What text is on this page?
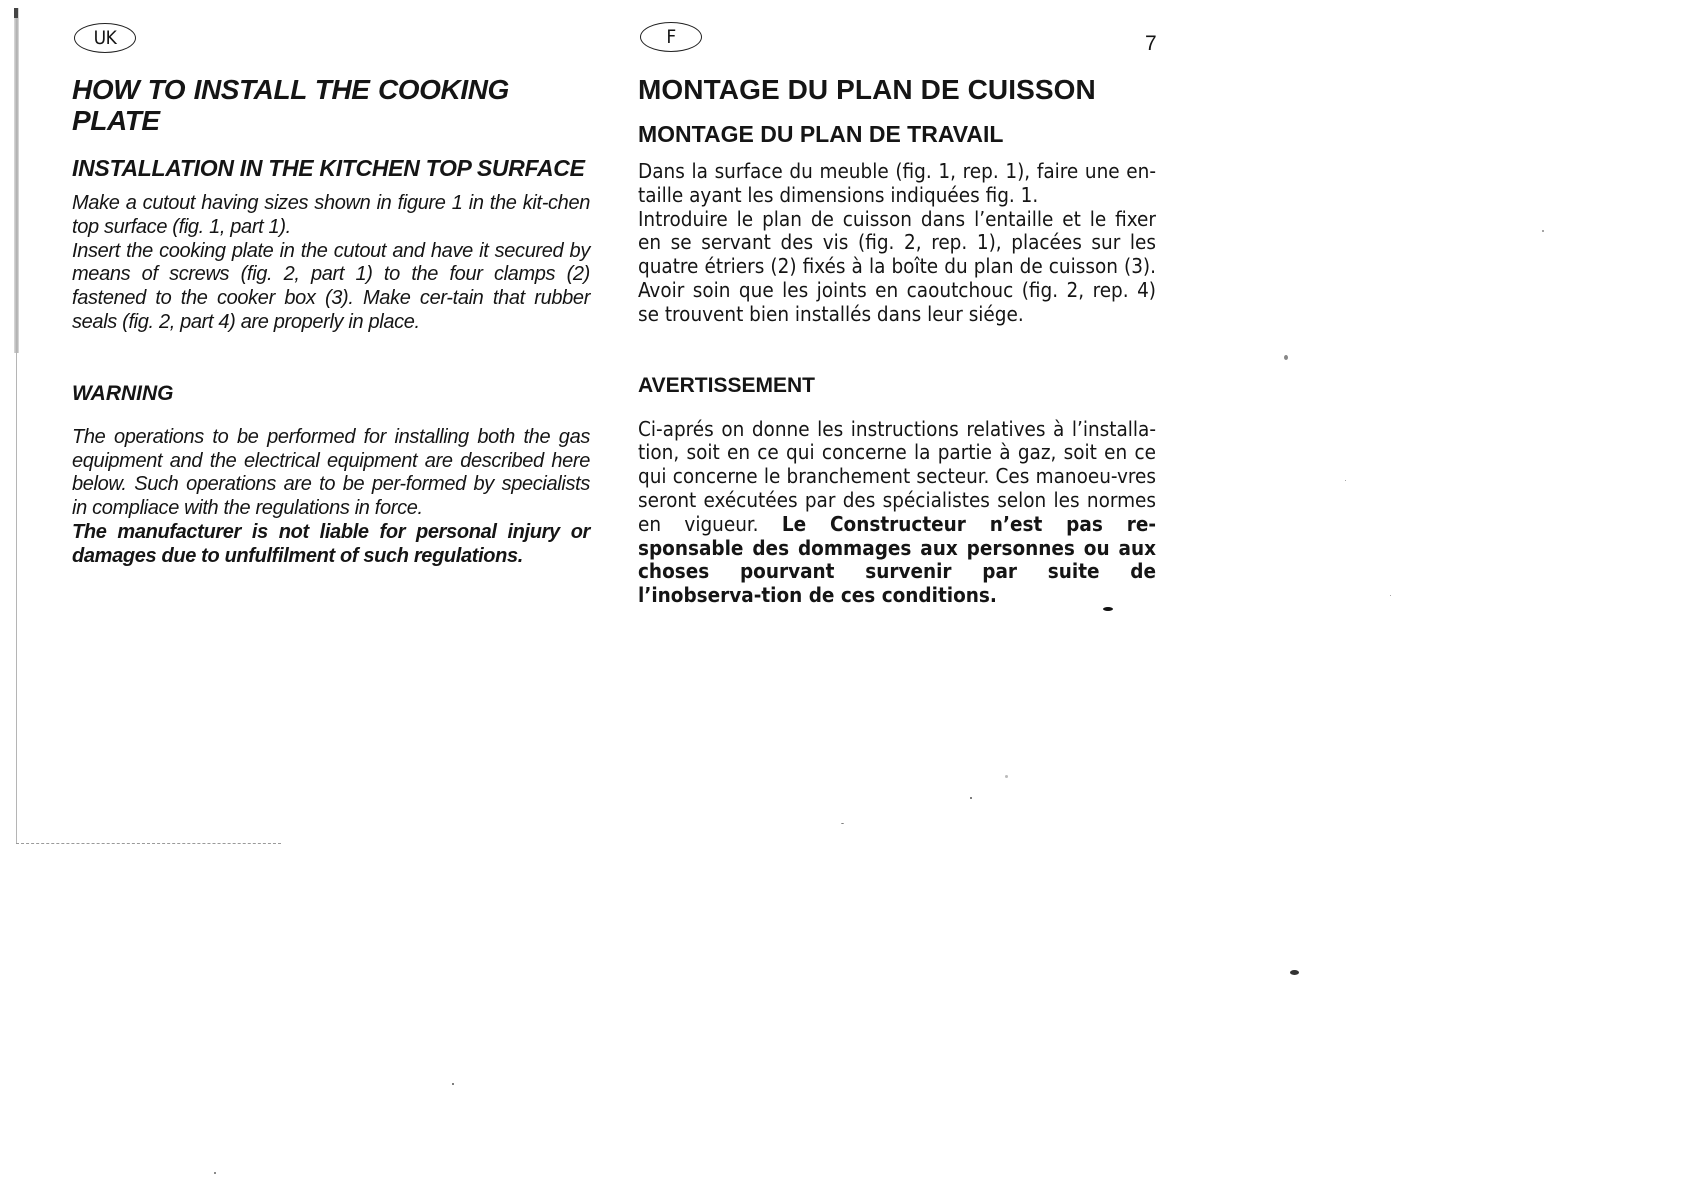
UK	F	7
HOW TO INSTALL THE COOKING PLATE
INSTALLATION IN THE KITCHEN TOP SURFACE

Make a cutout having sizes shown in figure 1 in the kit-chen top surface (fig. 1, part 1).

Insert the cooking plate in the cutout and have it secured by means of screws (fig. 2, part 1) to the four clamps (2) fastened to the cooker box (3). Make cer-tain that rubber seals (fig. 2, part 4) are properly in place.

WARNING

The operations to be performed for installing both the gas equipment and the electrical equipment are described here below. Such operations are to be per-formed by specialists in compliace with the regulations in force.

The manufacturer is not liable for personal injury or damages due to unfulfilment of such regulations.

MONTAGE DU PLAN DE CUISSON
MONTAGE DU PLAN DE TRAVAIL

Dans la surface du meuble (fig. 1, rep. 1), faire une en-taille ayant les dimensions indiquées fig. 1.

Introduire le plan de cuisson dans l’entaille et le fixer en se servant des vis (fig. 2, rep. 1), placées sur les quatre étriers (2) fixés à la boîte du plan de cuisson (3). Avoir soin que les joints en caoutchouc (fig. 2, rep. 4) se trouvent bien installés dans leur siége.

AVERTISSEMENT

Ci-aprés on donne les instructions relatives à l’installa-tion, soit en ce qui concerne la partie à gaz, soit en ce qui concerne le branchement secteur. Ces manoeu-vres seront exécutées par des spécialistes selon les normes en vigueur. Le Constructeur n’est pas re-sponsable des dommages aux personnes ou aux choses pourvant survenir par suite de l’inobserva-tion de ces conditions.
